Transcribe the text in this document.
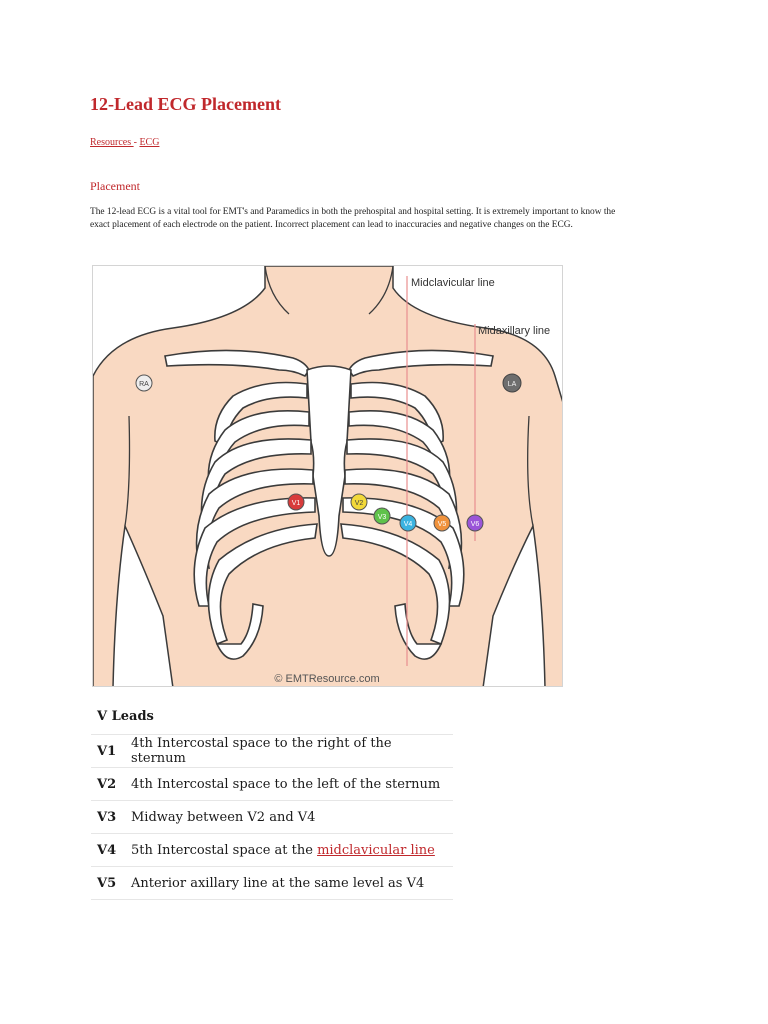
12-Lead ECG Placement
Resources - ECG
Placement

The 12-lead ECG is a vital tool for EMT's and Paramedics in both the prehospital and hospital setting. It is extremely important to know the exact placement of each electrode on the patient. Incorrect placement can lead to inaccuracies and negative changes on the ECG.

Midclavicular line
Midaxillary line
RA	LA
V1	V2
V3
V4	V5	V6
© EMTResource.com
V Leads
V1	4th Intercostal space to the right of the sternum
V2	4th Intercostal space to the left of the sternum
V3	Midway between V2 and V4
V4	5th Intercostal space at the midclavicular line
V5	Anterior axillary line at the same level as V4
